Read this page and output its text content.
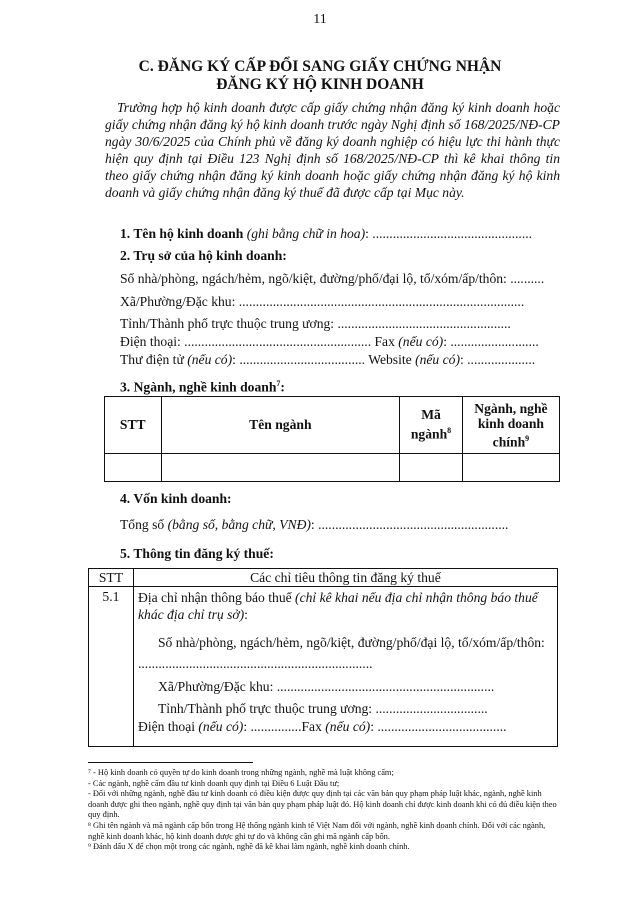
11
C. ĐĂNG KÝ CẤP ĐỔI SANG GIẤY CHỨNG NHẬN
ĐĂNG KÝ HỘ KINH DOANH
Trường hợp hộ kinh doanh được cấp giấy chứng nhận đăng ký kinh doanh hoặc giấy chứng nhận đăng ký hộ kinh doanh trước ngày Nghị định số 168/2025/NĐ-CP ngày 30/6/2025 của Chính phủ về đăng ký doanh nghiệp có hiệu lực thi hành thực hiện quy định tại Điều 123 Nghị định số 168/2025/NĐ-CP thì kê khai thông tin theo giấy chứng nhận đăng ký kinh doanh hoặc giấy chứng nhận đăng ký hộ kinh doanh và giấy chứng nhận đăng ký thuế đã được cấp tại Mục này.
1. Tên hộ kinh doanh (ghi bằng chữ in hoa): ...............................................
2. Trụ sở của hộ kinh doanh:
Số nhà/phòng, ngách/hẻm, ngõ/kiệt, đường/phố/đại lộ, tổ/xóm/ấp/thôn: ..........
Xã/Phường/Đặc khu: ....................................................................................
Tỉnh/Thành phố trực thuộc trung ương: ...................................................
Điện thoại: ....................................................... Fax (nếu có): ..........................
Thư điện tử (nếu có): ..................................... Website (nếu có): ....................
3. Ngành, nghề kinh doanh$^7$:
STT	Tên ngành	Mã ngành$^8$	Ngành, nghề kinh doanh chính$^9$

4. Vốn kinh doanh:
Tổng số (bằng số, bằng chữ, VNĐ): ........................................................
5. Thông tin đăng ký thuế:
STT	Các chỉ tiêu thông tin đăng ký thuế
5.1	Địa chỉ nhận thông báo thuế (chỉ kê khai nếu địa chỉ nhận thông báo thuế khác địa chỉ trụ sở):
Số nhà/phòng, ngách/hẻm, ngõ/kiệt, đường/phố/đại lộ, tổ/xóm/ấp/thôn:
.....................................................................
Xã/Phường/Đặc khu: ................................................................
Tỉnh/Thành phố trực thuộc trung ương: .................................
Điện thoại (nếu có): ...............Fax (nếu có): ......................................
⁷ - Hộ kinh doanh có quyền tự do kinh doanh trong những ngành, nghề mà luật không cấm;
- Các ngành, nghề cấm đầu tư kinh doanh quy định tại Điều 6 Luật Đầu tư;
- Đối với những ngành, nghề đầu tư kinh doanh có điều kiện được quy định tại các văn bản quy phạm pháp luật khác, ngành, nghề kinh doanh được ghi theo ngành, nghề quy định tại văn bản quy phạm pháp luật đó. Hộ kinh doanh chỉ được kinh doanh khi có đủ điều kiện theo quy định.
⁸ Ghi tên ngành và mã ngành cấp bốn trong Hệ thống ngành kinh tế Việt Nam đối với ngành, nghề kinh doanh chính. Đối với các ngành, nghề kinh doanh khác, hộ kinh doanh được ghi tự do và không cần ghi mã ngành cấp bốn.
⁹ Đánh dấu X để chọn một trong các ngành, nghề đã kê khai làm ngành, nghề kinh doanh chính.
